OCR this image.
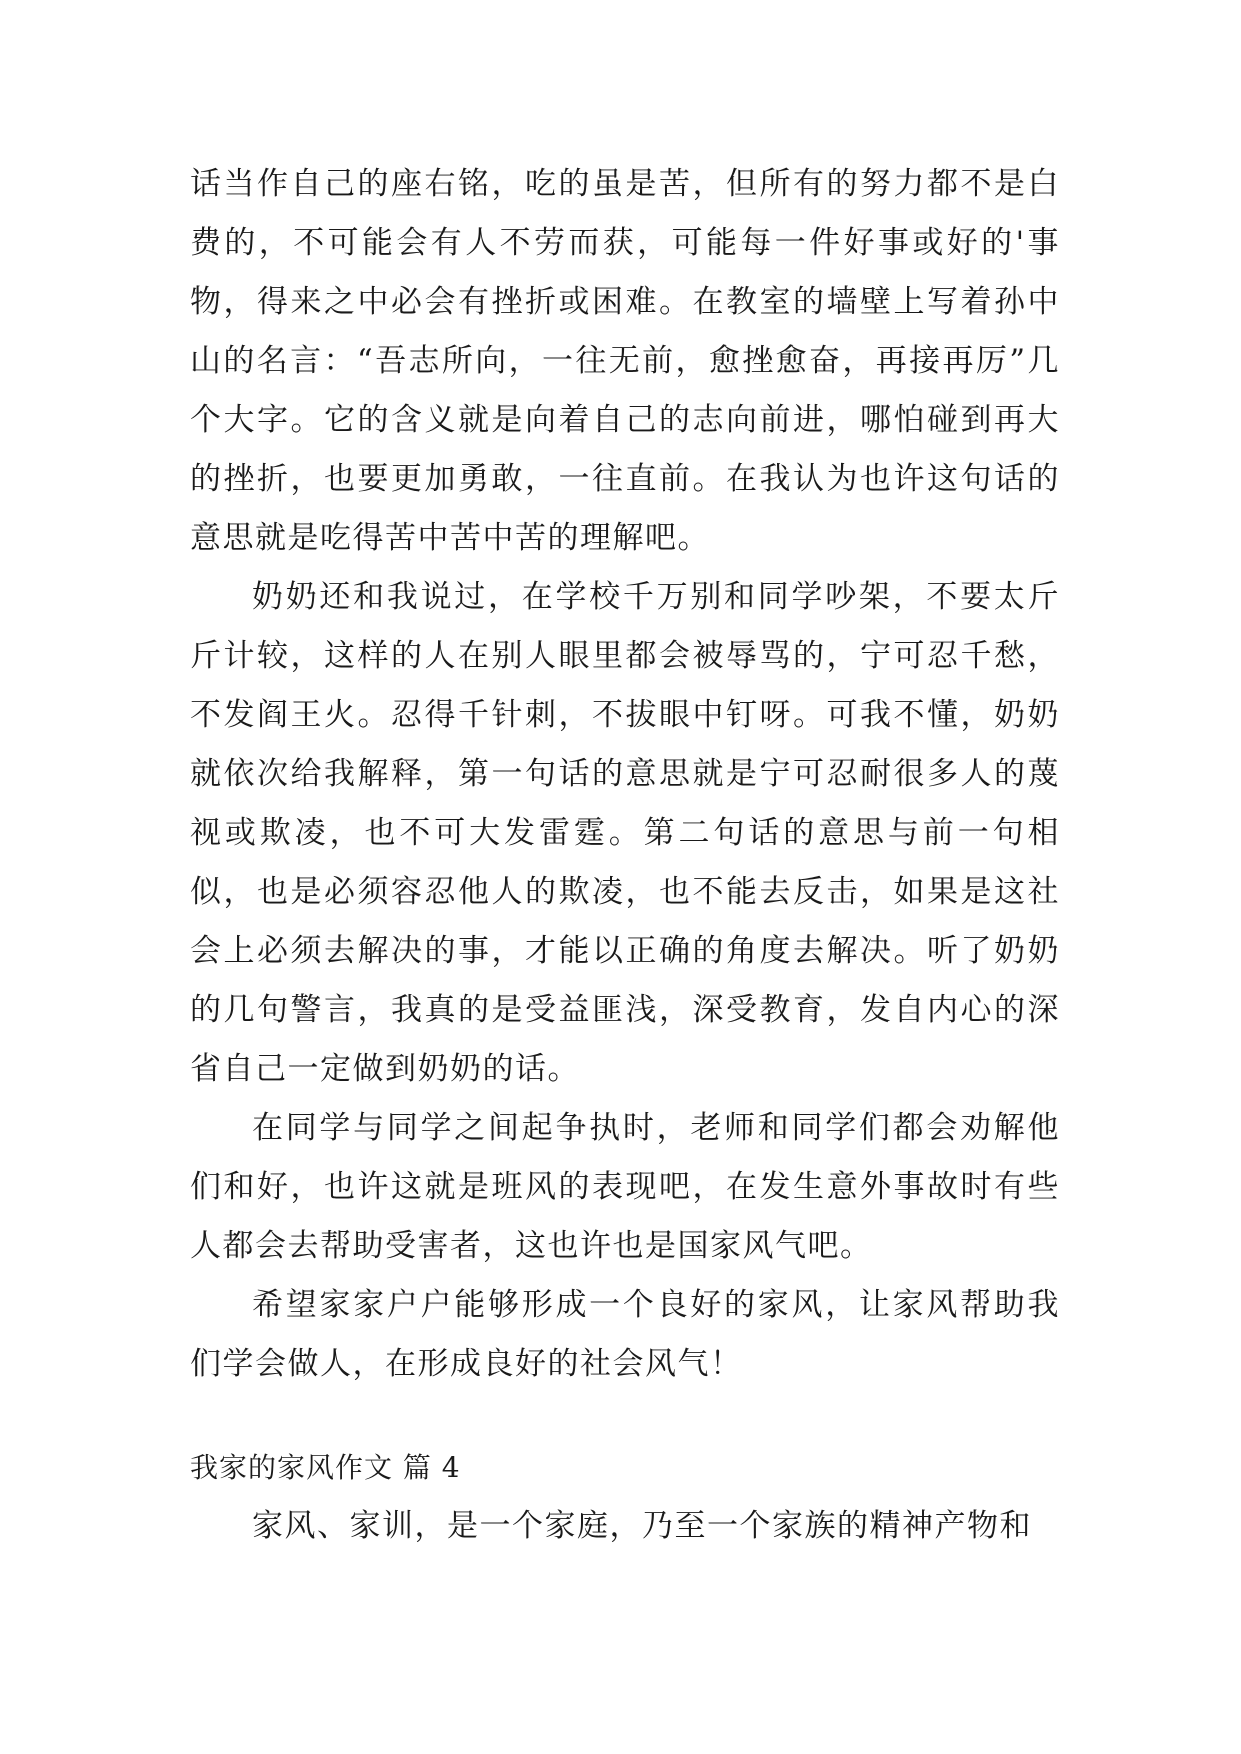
话当作自己的座右铭，吃的虽是苦，但所有的努力都不是白费的，不可能会有人不劳而获，可能每一件好事或好的'事物，得来之中必会有挫折或困难。在教室的墙壁上写着孙中山的名言：“吾志所向，一往无前，愈挫愈奋，再接再厉”几个大字。它的含义就是向着自己的志向前进，哪怕碰到再大的挫折，也要更加勇敢，一往直前。在我认为也许这句话的意思就是吃得苦中苦中苦的理解吧。

奶奶还和我说过，在学校千万别和同学吵架，不要太斤斤计较，这样的人在别人眼里都会被辱骂的，宁可忍千愁，不发阎王火。忍得千针刺，不拔眼中钉呀。可我不懂，奶奶就依次给我解释，第一句话的意思就是宁可忍耐很多人的蔑视或欺凌，也不可大发雷霆。第二句话的意思与前一句相似，也是必须容忍他人的欺凌，也不能去反击，如果是这社会上必须去解决的事，才能以正确的角度去解决。听了奶奶的几句警言，我真的是受益匪浅，深受教育，发自内心的深省自己一定做到奶奶的话。

在同学与同学之间起争执时，老师和同学们都会劝解他们和好，也许这就是班风的表现吧，在发生意外事故时有些人都会去帮助受害者，这也许也是国家风气吧。

希望家家户户能够形成一个良好的家风，让家风帮助我们学会做人，在形成良好的社会风气！

我家的家风作文 篇 4

家风、家训，是一个家庭，乃至一个家族的精神产物和
